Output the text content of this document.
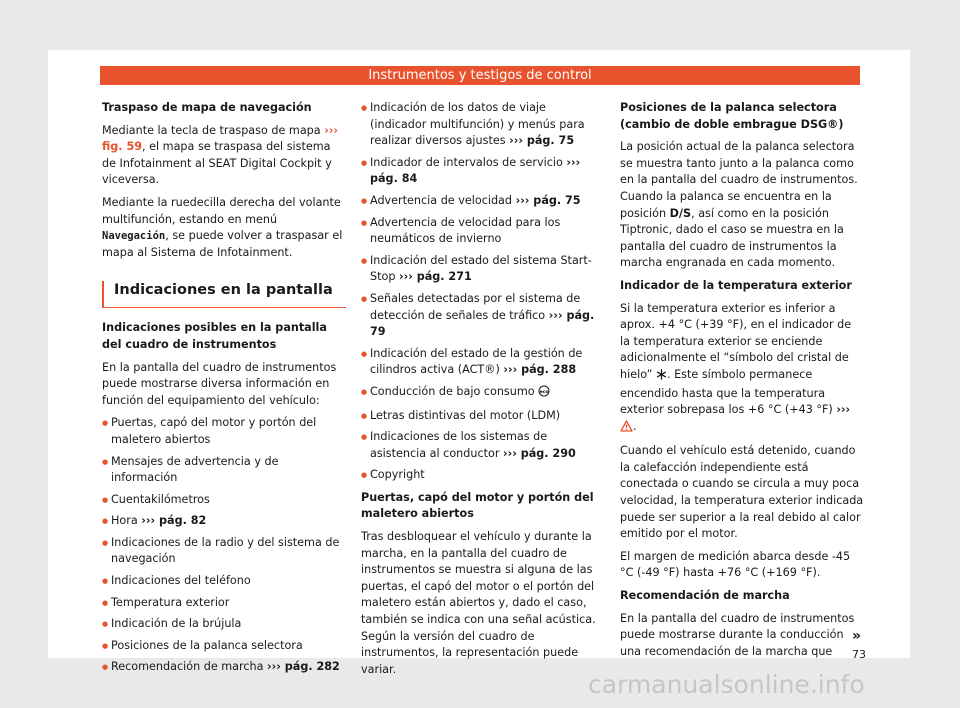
Instrumentos y testigos de control

Traspaso de mapa de navegación

Mediante la tecla de traspaso de mapa ››› fig. 59, el mapa se traspasa del sistema de Infotainment al SEAT Digital Cockpit y viceversa.

Mediante la ruedecilla derecha del volante multifunción, estando en menú Navegación, se puede volver a traspasar el mapa al Sistema de Infotainment.

Indicaciones en la pantalla

Indicaciones posibles en la pantalla del cuadro de instrumentos

En la pantalla del cuadro de instrumentos puede mostrarse diversa información en función del equipamiento del vehículo:

● Puertas, capó del motor y portón del maletero abiertos
● Mensajes de advertencia y de información
● Cuentakilómetros
● Hora ››› pág. 82
● Indicaciones de la radio y del sistema de navegación
● Indicaciones del teléfono
● Temperatura exterior
● Indicación de la brújula
● Posiciones de la palanca selectora
● Recomendación de marcha ››› pág. 282
● Indicación de los datos de viaje (indicador multifunción) y menús para realizar diversos ajustes ››› pág. 75
● Indicador de intervalos de servicio ››› pág. 84
● Advertencia de velocidad ››› pág. 75
● Advertencia de velocidad para los neumáticos de invierno
● Indicación del estado del sistema Start-Stop ››› pág. 271
● Señales detectadas por el sistema de detección de señales de tráfico ››› pág. 79
● Indicación del estado de la gestión de cilindros activa (ACT®) ››› pág. 288
● Conducción de bajo consumo eco
● Letras distintivas del motor (LDM)
● Indicaciones de los sistemas de asistencia al conductor ››› pág. 290
● Copyright

Puertas, capó del motor y portón del maletero abiertos

Tras desbloquear el vehículo y durante la marcha, en la pantalla del cuadro de instrumentos se muestra si alguna de las puertas, el capó del motor o el portón del maletero están abiertos y, dado el caso, también se indica con una señal acústica. Según la versión del cuadro de instrumentos, la representación puede variar.

Posiciones de la palanca selectora (cambio de doble embrague DSG®)

La posición actual de la palanca selectora se muestra tanto junto a la palanca como en la pantalla del cuadro de instrumentos. Cuando la palanca se encuentra en la posición D/S, así como en la posición Tiptronic, dado el caso se muestra en la pantalla del cuadro de instrumentos la marcha engranada en cada momento.

Indicador de la temperatura exterior

Si la temperatura exterior es inferior a aprox. +4 °C (+39 °F), en el indicador de la temperatura exterior se enciende adicionalmente el “símbolo del cristal de hielo” . Este símbolo permanece encendido hasta que la temperatura exterior sobrepasa los +6 °C (+43 °F) ››› .

Cuando el vehículo está detenido, cuando la calefacción independiente está conectada o cuando se circula a muy poca velocidad, la temperatura exterior indicada puede ser superior a la real debido al calor emitido por el motor.

El margen de medición abarca desde -45 °C (-49 °F) hasta +76 °C (+169 °F).

Recomendación de marcha

En la pantalla del cuadro de instrumentos puede mostrarse durante la conducción una recomendación de la marcha que

»
73
carmanualsonline.info
